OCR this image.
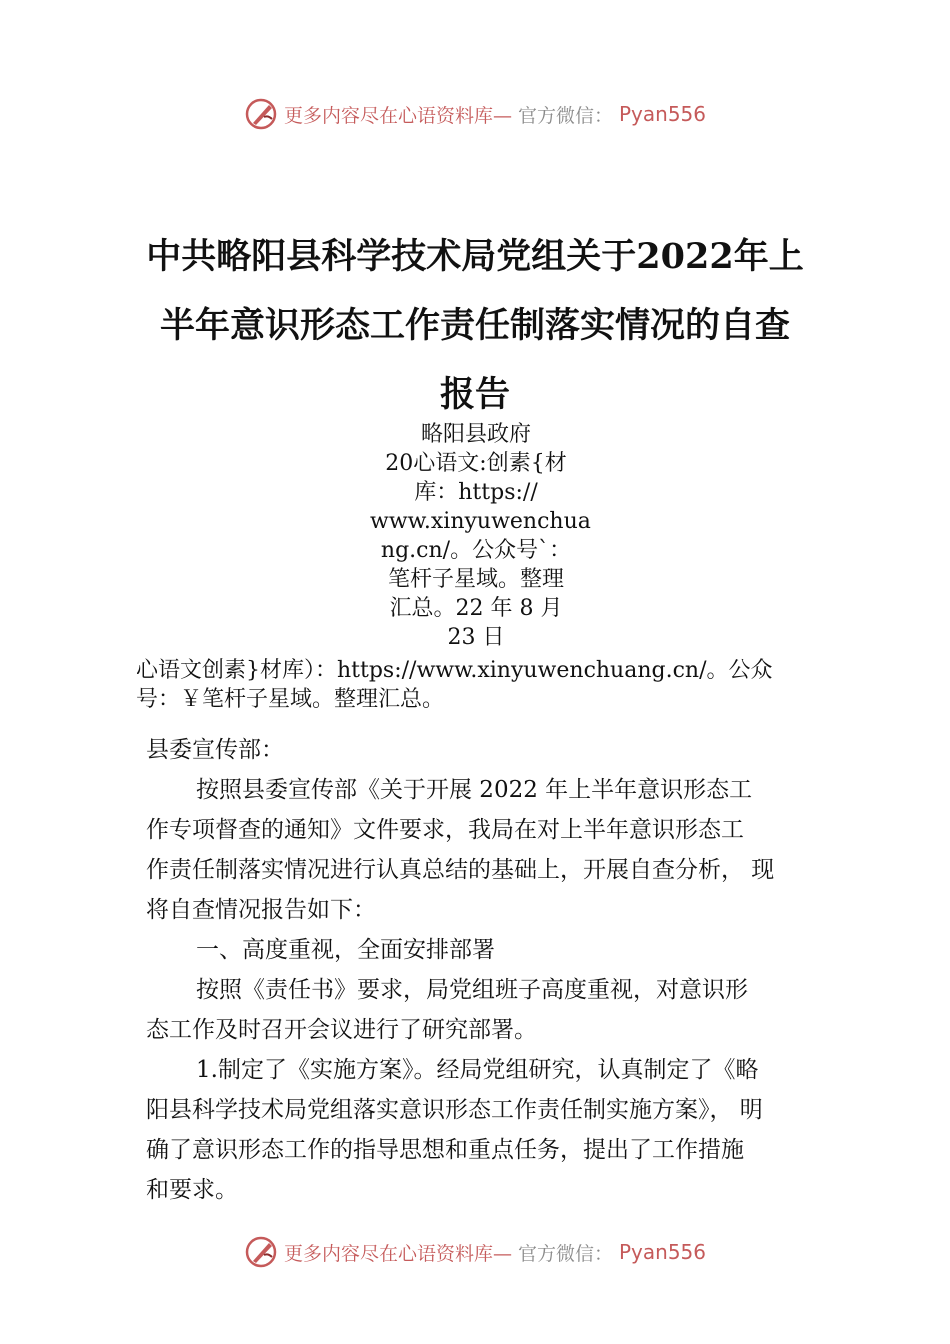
更多内容尽在心语资料库— 官方微信： Pyan556
中共略阳县科学技术局党组关于2022年上
半年意识形态工作责任制落实情况的自查
报告
略阳县政府
20心语文:创素{材
库：https://
www.xinyuwenchua
ng.cn/。公众号`：
笔杆子星域。整理
汇总。22 年 8 月
23 日
心语文创素}材库）：https://www.xinyuwenchuang.cn/。公众
号：￥笔杆子星域。整理汇总。
县委宣传部：
按照县委宣传部《关于开展 2022 年上半年意识形态工
作专项督查的通知》文件要求，我局在对上半年意识形态工
作责任制落实情况进行认真总结的基础上，开展自查分析， 现
将自查情况报告如下：
一、高度重视，全面安排部署
按照《责任书》要求，局党组班子高度重视，对意识形
态工作及时召开会议进行了研究部署。
1.制定了《实施方案》。经局党组研究，认真制定了《略
阳县科学技术局党组落实意识形态工作责任制实施方案》， 明
确了意识形态工作的指导思想和重点任务，提出了工作措施
和要求。
更多内容尽在心语资料库— 官方微信： Pyan556
